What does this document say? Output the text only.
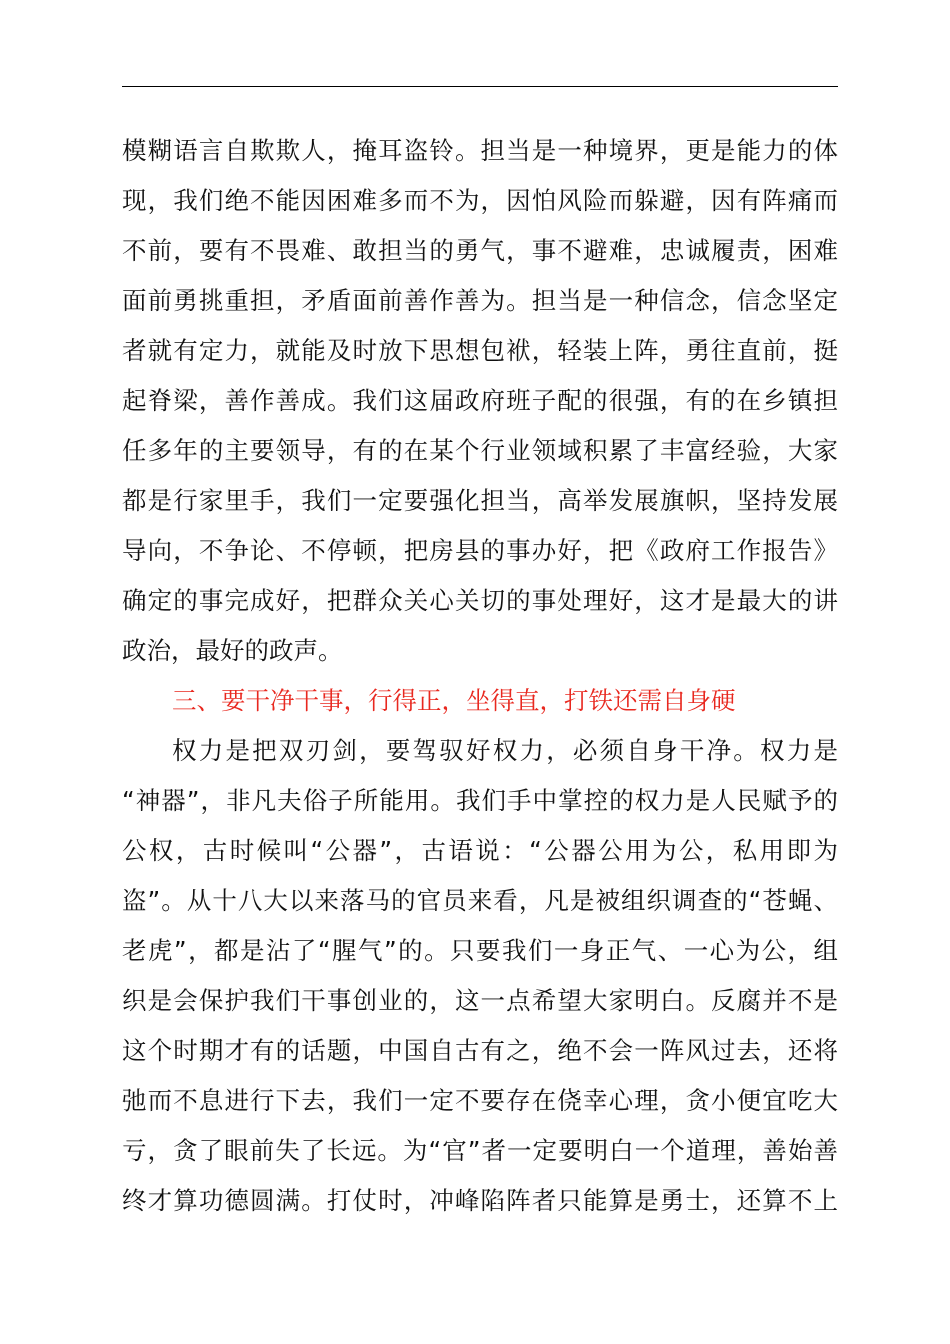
模糊语言自欺欺人，掩耳盗铃。担当是一种境界，更是能力的体
现，我们绝不能因困难多而不为，因怕风险而躲避，因有阵痛而
不前，要有不畏难、敢担当的勇气，事不避难，忠诚履责，困难
面前勇挑重担，矛盾面前善作善为。担当是一种信念，信念坚定
者就有定力，就能及时放下思想包袱，轻装上阵，勇往直前，挺
起脊梁，善作善成。我们这届政府班子配的很强，有的在乡镇担
任多年的主要领导，有的在某个行业领域积累了丰富经验，大家
都是行家里手，我们一定要强化担当，高举发展旗帜，坚持发展
导向，不争论、不停顿，把房县的事办好，把《政府工作报告》
确定的事完成好，把群众关心关切的事处理好，这才是最大的讲
政治，最好的政声。
三、要干净干事，行得正，坐得直，打铁还需自身硬
权力是把双刃剑，要驾驭好权力，必须自身干净。权力是
“神器”，非凡夫俗子所能用。我们手中掌控的权力是人民赋予的
公权，古时候叫“公器”，古语说：“公器公用为公，私用即为
盗”。从十八大以来落马的官员来看，凡是被组织调查的“苍蝇、
老虎”，都是沾了“腥气”的。只要我们一身正气、一心为公，组
织是会保护我们干事创业的，这一点希望大家明白。反腐并不是
这个时期才有的话题，中国自古有之，绝不会一阵风过去，还将
弛而不息进行下去，我们一定不要存在侥幸心理，贪小便宜吃大
亏，贪了眼前失了长远。为“官”者一定要明白一个道理，善始善
终才算功德圆满。打仗时，冲峰陷阵者只能算是勇士，还算不上
